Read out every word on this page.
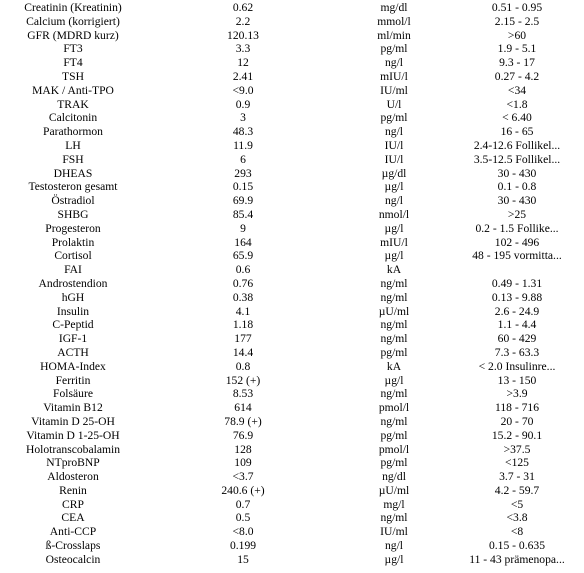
Creatinin (Kreatinin)	0.62	mg/dl	0.51 - 0.95
Calcium (korrigiert)	2.2	mmol/l	2.15 - 2.5
GFR (MDRD kurz)	120.13	ml/min	>60
FT3	3.3	pg/ml	1.9 - 5.1
FT4	12	ng/l	9.3 - 17
TSH	2.41	mIU/l	0.27 - 4.2
MAK / Anti-TPO	<9.0	IU/ml	<34
TRAK	0.9	U/l	<1.8
Calcitonin	3	pg/ml	< 6.40
Parathormon	48.3	ng/l	16 - 65
LH	11.9	IU/l	2.4-12.6 Follikel...
FSH	6	IU/l	3.5-12.5 Follikel...
DHEAS	293	µg/dl	30 - 430
Testosteron gesamt	0.15	µg/l	0.1 - 0.8
Östradiol	69.9	ng/l	30 - 430
SHBG	85.4	nmol/l	>25
Progesteron	9	µg/l	0.2 - 1.5 Follike...
Prolaktin	164	mIU/l	102 - 496
Cortisol	65.9	µg/l	48 - 195 vormitta...
FAI	0.6	kA
Androstendion	0.76	ng/ml	0.49 - 1.31
hGH	0.38	ng/ml	0.13 - 9.88
Insulin	4.1	µU/ml	2.6 - 24.9
C-Peptid	1.18	ng/ml	1.1 - 4.4
IGF-1	177	ng/ml	60 - 429
ACTH	14.4	pg/ml	7.3 - 63.3
HOMA-Index	0.8	kA	< 2.0 Insulinre...
Ferritin	152 (+)	µg/l	13 - 150
Folsäure	8.53	ng/ml	>3.9
Vitamin B12	614	pmol/l	118 - 716
Vitamin D 25-OH	78.9 (+)	ng/ml	20 - 70
Vitamin D 1-25-OH	76.9	pg/ml	15.2 - 90.1
Holotranscobalamin	128	pmol/l	>37.5
NTproBNP	109	pg/ml	<125
Aldosteron	<3.7	ng/dl	3.7 - 31
Renin	240.6 (+)	µU/ml	4.2 - 59.7
CRP	0.7	mg/l	<5
CEA	0.5	ng/ml	<3.8
Anti-CCP	<8.0	IU/ml	<8
ß-Crosslaps	0.199	ng/l	0.15 - 0.635
Osteocalcin	15	µg/l	11 - 43 prämenopa...
